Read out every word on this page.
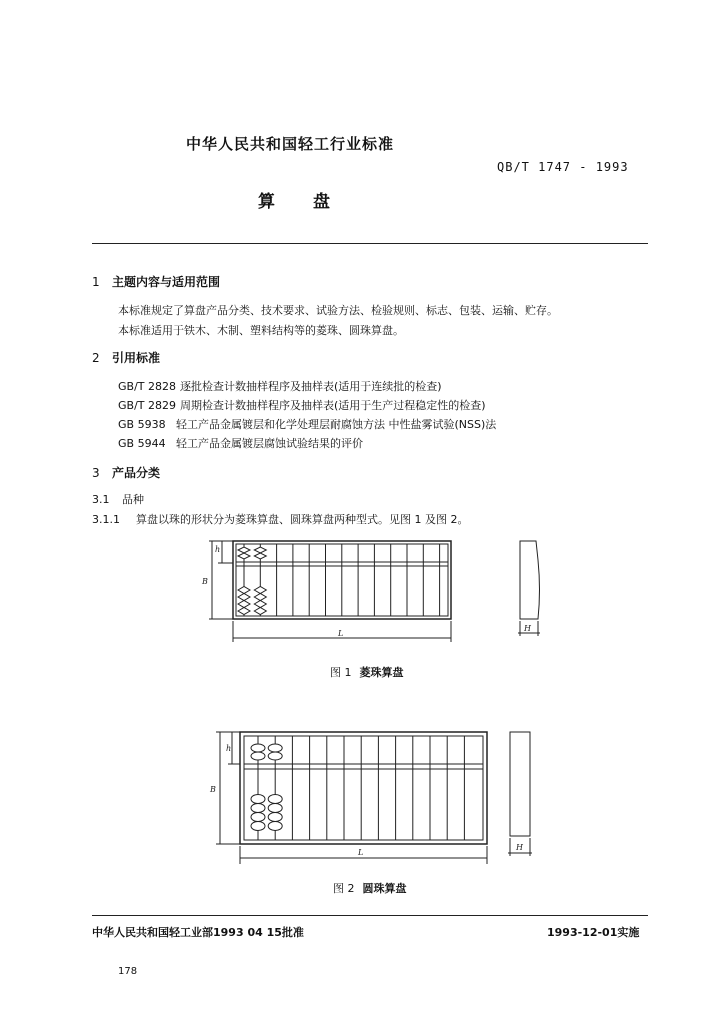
中华人民共和国轻工行业标准
QB/T 1747 - 1993
算盘
1 主题内容与适用范围
本标准规定了算盘产品分类、技术要求、试验方法、检验规则、标志、包装、运输、贮存。
本标准适用于铁木、木制、塑料结构等的菱珠、圆珠算盘。
2 引用标准
GB/T 2828 逐批检查计数抽样程序及抽样表(适用于连续批的检查)
GB/T 2829 周期检查计数抽样程序及抽样表(适用于生产过程稳定性的检查)
GB 5938 轻工产品金属镀层和化学处理层耐腐蚀方法 中性盐雾试验(NSS)法
GB 5944 轻工产品金属镀层腐蚀试验结果的评价
3 产品分类
3.1 品种
3.1.1 算盘以珠的形状分为菱珠算盘、圆珠算盘两种型式。见图 1 及图 2。
h
B
L
H
h
B
L
H
图 1 菱珠算盘
图 2 圆珠算盘
中华人民共和国轻工业部1993 04 15批准	1993-12-01实施
178
